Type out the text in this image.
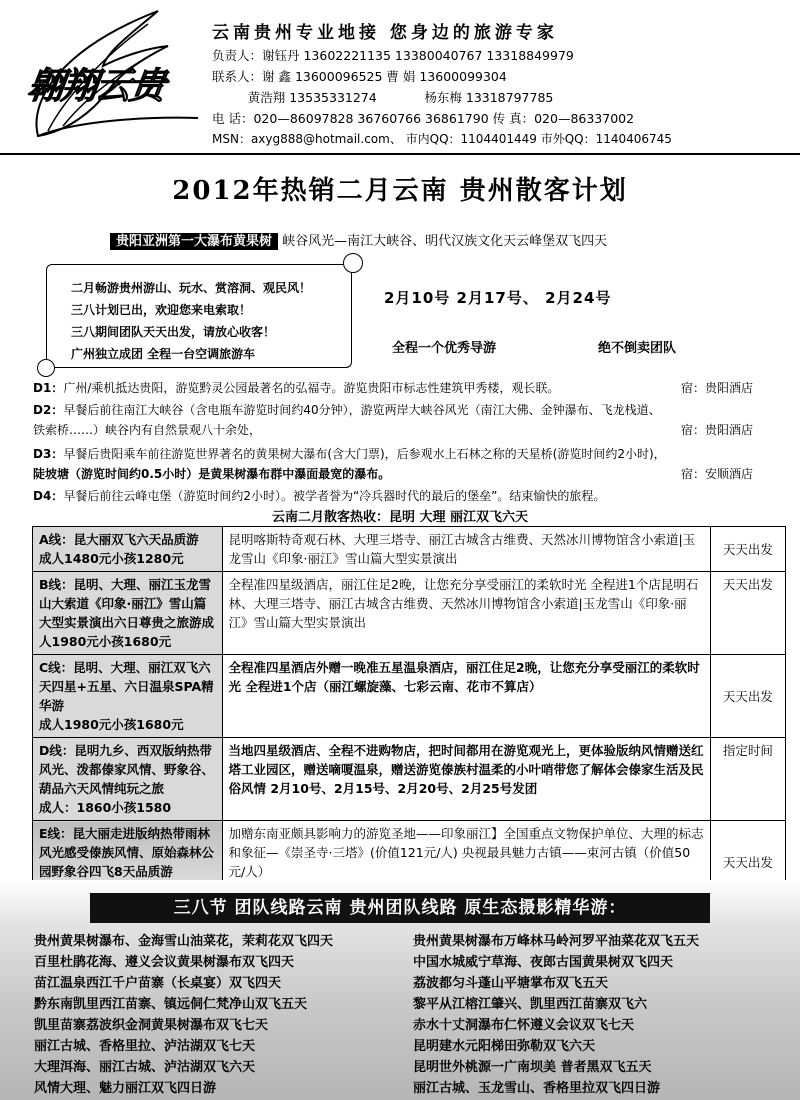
翱翔云贵
云南贵州专业地接 您身边的旅游专家
负责人：谢钰丹 13602221135 13380040767 13318849979
联系人：谢 鑫 13600096525 曹 娟 13600099304
黄浩翔 13535331274            杨东梅 13318797785
电 话：020—86097828 36760766 36861790 传 真：020—86337002
MSN：axyg888@hotmail.com、 市内QQ：1104401449 市外QQ：1140406745
2012年热销二月云南 贵州散客计划
贵阳亚洲第一大瀑布黄果树 峡谷风光—南江大峡谷、明代汉族文化天云峰堡双飞四天
二月畅游贵州游山、玩水、赏溶洞、观民风！
三八计划已出，欢迎您来电索取！
三八期间团队天天出发，请放心收客！
广州独立成团 全程一台空调旅游车
2月10号 2月17号、 2月24号
全程一个优秀导游	绝不倒卖团队
D1：广州/乘机抵达贵阳，游览黔灵公园最著名的弘福寺。游览贵阳市标志性建筑甲秀楼，观长联。	宿：贵阳酒店
D2：早餐后前往南江大峡谷（含电瓶车游览时间约40分钟），游览两岸大峡谷风光（南江大佛、金钟瀑布、飞龙栈道、
铁索桥……）峡谷内有自然景观八十余处，	宿：贵阳酒店
D3：早餐后贵阳乘车前往游览世界著名的黄果树大瀑布(含大门票)，后参观水上石林之称的天星桥(游览时间约2小时)，
陡坡塘（游览时间约0.5小时）是黄果树瀑布群中瀑面最宽的瀑布。	宿：安顺酒店
D4：早餐后前往云峰屯堡（游览时间约2小时）。被学者誉为“冷兵器时代的最后的堡垒”。结束愉快的旅程。
云南二月散客热收：昆明 大理 丽江双飞六天
A线：昆大丽双飞六天品质游
成人1480元小孩1280元	昆明喀斯特奇观石林、大理三塔寺、丽江古城含古维费、天然冰川博物馆含小索道|玉龙雪山《印象·丽江》雪山篇大型实景演出	天天出发
B线：昆明、大理、丽江玉龙雪山大索道《印象·丽江》雪山篇大型实景演出六日尊贵之旅游成人1980元小孩1680元	全程准四星级酒店，丽江住足2晚，让您充分享受丽江的柔软时光 全程进1个店昆明石林、大理三塔寺、丽江古城含古维费、天然冰川博物馆含小索道|玉龙雪山《印象·丽江》雪山篇大型实景演出	天天出发
C线：昆明、大理、丽江双飞六天四星+五星、六日温泉SPA精华游
成人1980元小孩1680元	全程准四星酒店外赠一晚准五星温泉酒店，丽江住足2晚，让您充分享受丽江的柔软时光 全程进1个店（丽江螺旋藻、七彩云南、花市不算店）	天天出发
D线：昆明九乡、西双版纳热带风光、泼都傣家风情、野象谷、葫品六天风情纯玩之旅
成人：1860小孩1580	当地四星级酒店、全程不进购物店，把时间都用在游览观光上，更体验版纳风情赠送红塔工业园区，赠送嘀嗄温泉，赠送游览傣族村温柔的小叶哨带您了解体会傣家生活及民俗风情 2月10号、2月15号、2月20号、2月25号发团	指定时间
E线：昆大丽走进版纳热带雨林风光感受傣族风情、原始森林公园野象谷四飞8天品质游	加赠东南亚颇具影响力的游览圣地——印象丽江】全国重点文物保护单位、大理的标志和象征—《崇圣寺·三塔》(价值121元/人) 央视最具魅力古镇——束河古镇（价值50元/人）	天天出发
三八节 团队线路云南 贵州团队线路 原生态摄影精华游：
贵州黄果树瀑布、金海雪山油菜花，茉莉花双飞四天
百里杜鹃花海、遵义会议黄果树瀑布双飞四天
苗江温泉西江千户苗寨（长桌宴）双飞四天
黔东南凯里西江苗寨、镇远侗仁梵净山双飞五天
凯里苗寨荔波织金洞黄果树瀑布双飞七天
丽江古城、香格里拉、泸沽湖双飞七天
大理洱海、丽江古城、泸沽湖双飞六天
风情大理、魅力丽江双飞四日游
贵州黄果树瀑布万峰林马岭河罗平油菜花双飞五天
中国水城威宁草海、夜郎古国黄果树双飞四天
荔波都匀斗蓬山平塘掌布双飞五天
黎平从江榕江肇兴、凯里西江苗寨双飞六
赤水十丈洞瀑布仁怀遵义会议双飞七天
昆明建水元阳梯田弥勒双飞六天
昆明世外桃源一广南坝美 普者黑双飞五天
丽江古城、玉龙雪山、香格里拉双飞四日游
